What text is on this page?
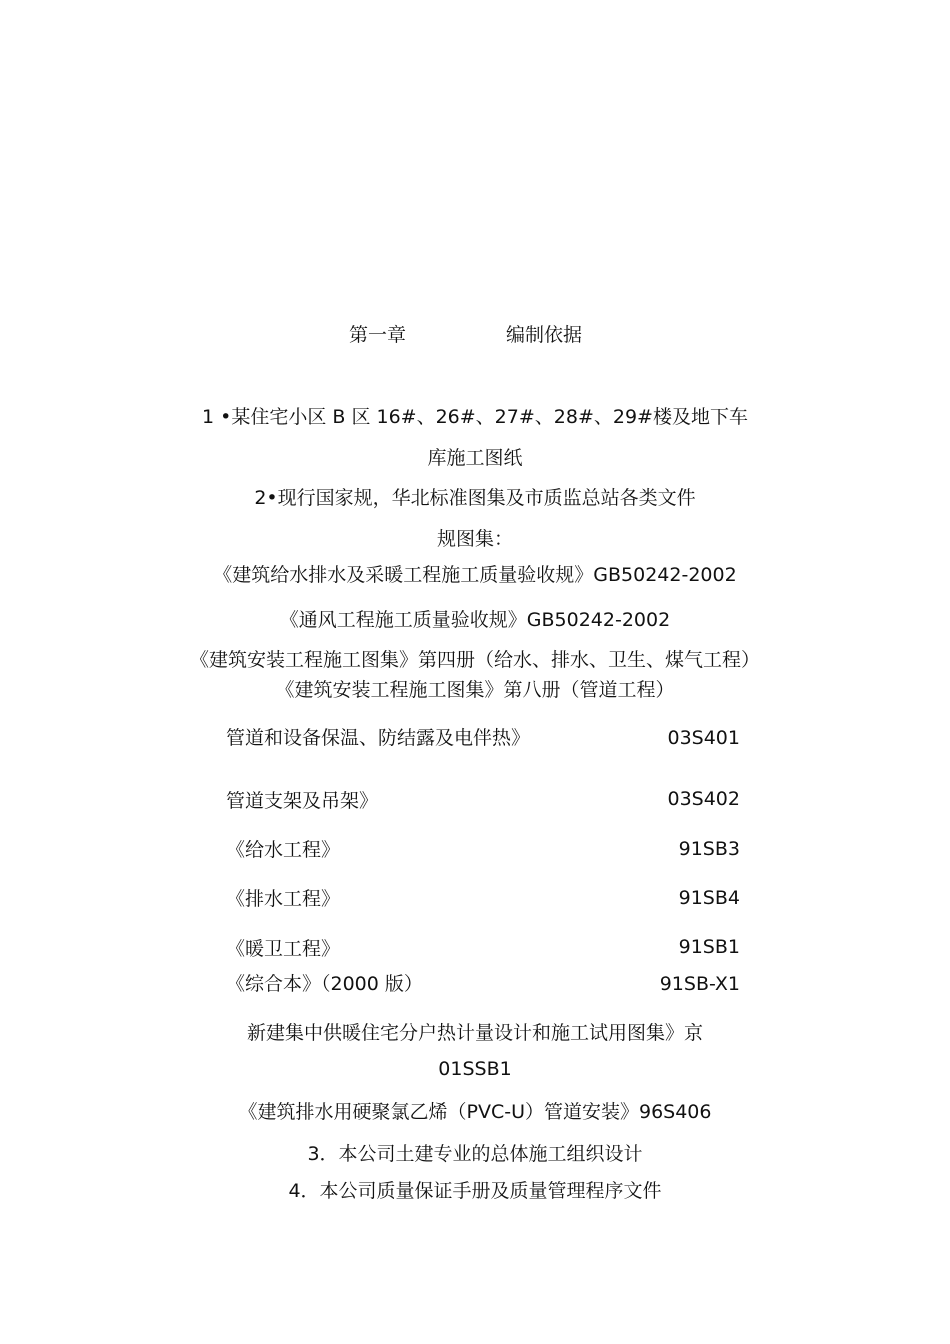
第一章	编制依据
1 •某住宅小区 B 区 16#、26#、27#、28#、29#楼及地下车
库施工图纸
2•现行国家规，华北标准图集及市质监总站各类文件
规图集：
《建筑给水排水及采暖工程施工质量验收规》GB50242-2002
《通风工程施工质量验收规》GB50242-2002
《建筑安装工程施工图集》第四册（给水、排水、卫生、煤气工程）
《建筑安装工程施工图集》第八册（管道工程）
管道和设备保温、防结露及电伴热》	03S401
管道支架及吊架》	03S402
《给水工程》	91SB3
《排水工程》	91SB4
《暖卫工程》	91SB1
《综合本》（2000 版）	91SB-X1
新建集中供暖住宅分户热计量设计和施工试用图集》京
01SSB1
《建筑排水用硬聚氯乙烯（PVC-U）管道安装》96S406
3．本公司土建专业的总体施工组织设计
4．本公司质量保证手册及质量管理程序文件
